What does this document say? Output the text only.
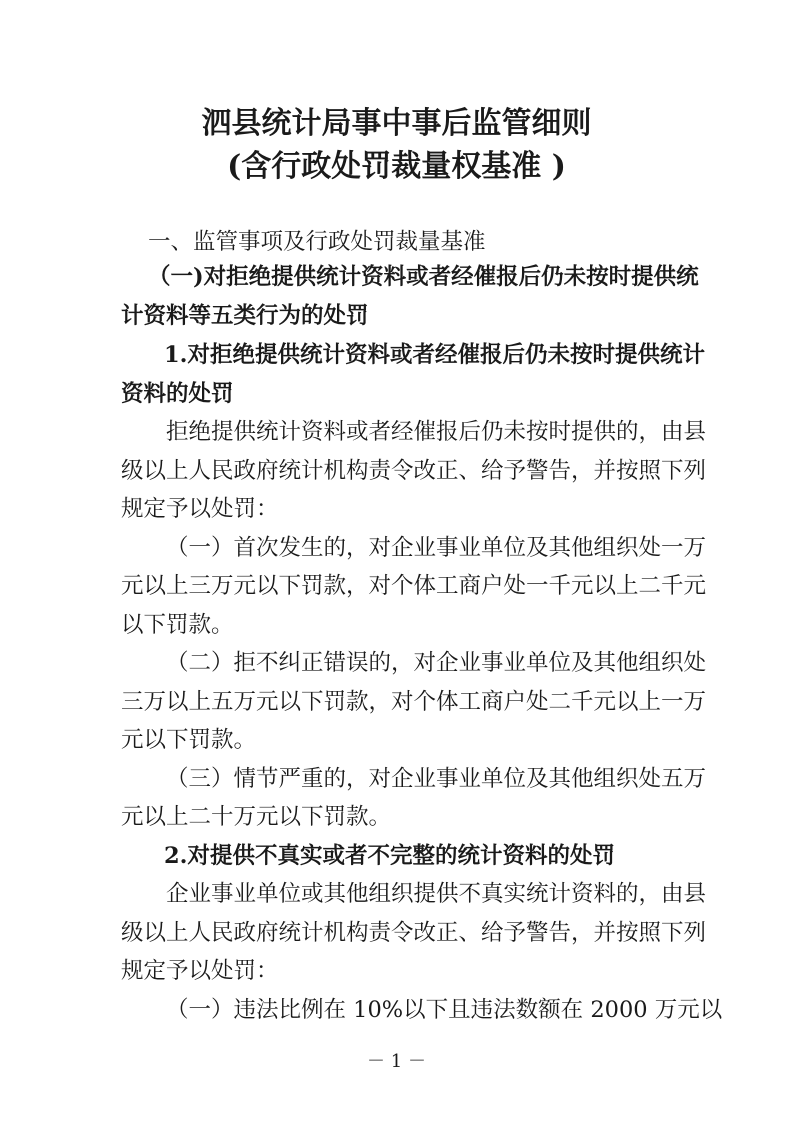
泗县统计局事中事后监管细则
(含行政处罚裁量权基准 )
一、监管事项及行政处罚裁量基准
（一)对拒绝提供统计资料或者经催报后仍未按时提供统
计资料等五类行为的处罚
1.对拒绝提供统计资料或者经催报后仍未按时提供统计
资料的处罚
拒绝提供统计资料或者经催报后仍未按时提供的，由县
级以上人民政府统计机构责令改正、给予警告，并按照下列
规定予以处罚：
（一）首次发生的，对企业事业单位及其他组织处一万
元以上三万元以下罚款，对个体工商户处一千元以上二千元
以下罚款。
（二）拒不纠正错误的，对企业事业单位及其他组织处
三万以上五万元以下罚款，对个体工商户处二千元以上一万
元以下罚款。
（三）情节严重的，对企业事业单位及其他组织处五万
元以上二十万元以下罚款。
2.对提供不真实或者不完整的统计资料的处罚
企业事业单位或其他组织提供不真实统计资料的，由县
级以上人民政府统计机构责令改正、给予警告，并按照下列
规定予以处罚：
（一）违法比例在 10%以下且违法数额在 2000 万元以
－ 1 －
